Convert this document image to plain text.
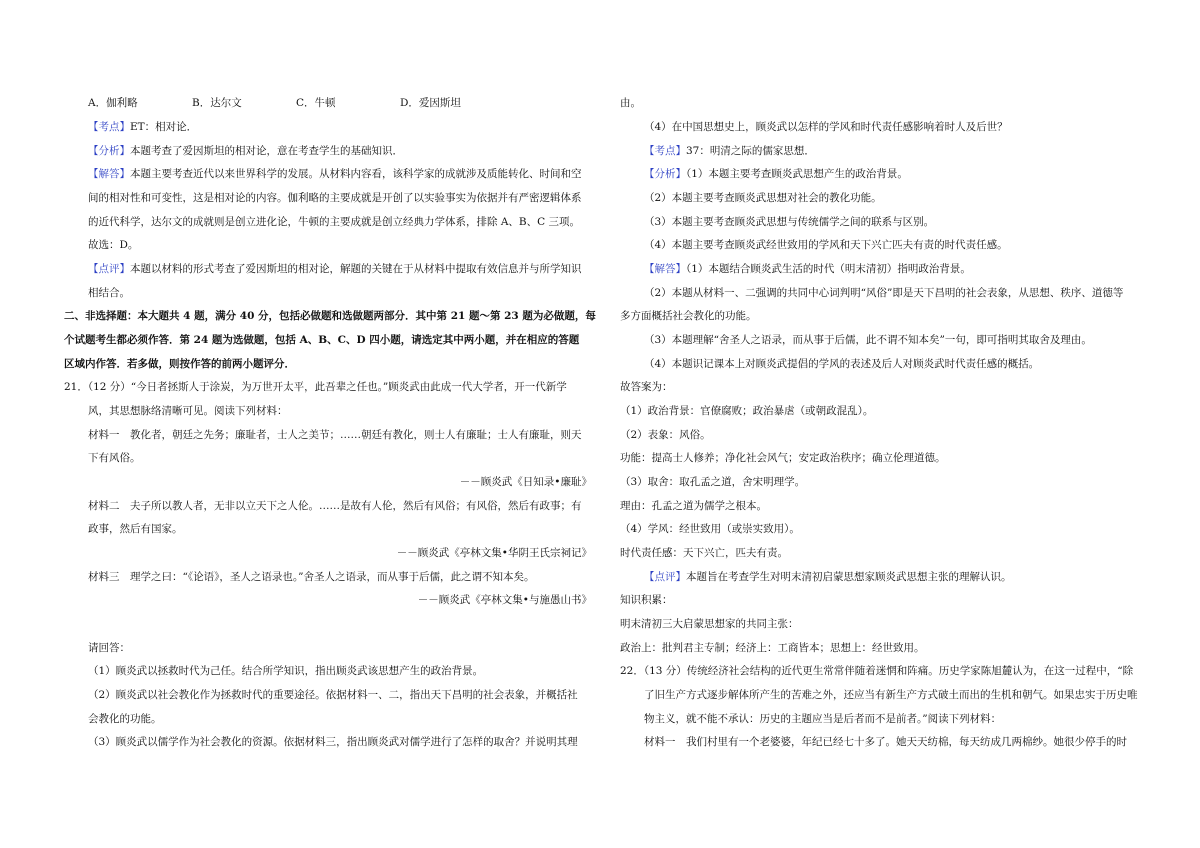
A．伽利略	B．达尔文	C．牛顿	D．爱因斯坦
【考点】ET：相对论．
【分析】本题考查了爱因斯坦的相对论，意在考查学生的基础知识．
【解答】本题主要考查近代以来世界科学的发展。从材料内容看，该科学家的成就涉及质能转化、时间和空
间的相对性和可变性，这是相对论的内容。伽利略的主要成就是开创了以实验事实为依据并有严密逻辑体系
的近代科学，达尔文的成就则是创立进化论，牛顿的主要成就是创立经典力学体系，排除 A、B、C 三项。
故选：D。
【点评】本题以材料的形式考查了爱因斯坦的相对论，解题的关键在于从材料中提取有效信息并与所学知识
相结合。
二、非选择题：本大题共 4 题，满分 40 分，包括必做题和选做题两部分．其中第 21 题～第 23 题为必做题，每
个试题考生都必须作答．第 24 题为选做题，包括 A、B、C、D 四小题，请选定其中两小题，并在相应的答题
区域内作答．若多做，则按作答的前两小题评分．
21．（12 分）“今日者拯斯人于涂炭，为万世开太平，此吾辈之任也。”顾炎武由此成一代大学者，开一代新学
风，其思想脉络清晰可见。阅读下列材料：
材料一　教化者，朝廷之先务；廉耻者，士人之美节；……朝廷有教化，则士人有廉耻；士人有廉耻，则天
下有风俗。
－－顾炎武《日知录•廉耻》
材料二　夫子所以教人者，无非以立天下之人伦。……是故有人伦，然后有风俗；有风俗，然后有政事；有
政事，然后有国家。
－－顾炎武《亭林文集•华阴王氏宗祠记》
材料三　理学之曰：“《论语》，圣人之语录也。”舍圣人之语录，而从事于后儒，此之谓不知本矣。
－－顾炎武《亭林文集•与施愚山书》
请回答：
（1）顾炎武以拯救时代为己任。结合所学知识，指出顾炎武该思想产生的政治背景。
（2）顾炎武以社会教化作为拯救时代的重要途径。依据材料一、二，指出天下昌明的社会表象，并概括社
会教化的功能。
（3）顾炎武以儒学作为社会教化的资源。依据材料三，指出顾炎武对儒学进行了怎样的取舍？并说明其理
由。
（4）在中国思想史上，顾炎武以怎样的学风和时代责任感影响着时人及后世？
【考点】37：明清之际的儒家思想．
【分析】（1）本题主要考查顾炎武思想产生的政治背景。
（2）本题主要考查顾炎武思想对社会的教化功能。
（3）本题主要考查顾炎武思想与传统儒学之间的联系与区别。
（4）本题主要考查顾炎武经世致用的学风和天下兴亡匹夫有责的时代责任感。
【解答】（1）本题结合顾炎武生活的时代（明末清初）指明政治背景。
（2）本题从材料一、二强调的共同中心词判明“风俗”即是天下昌明的社会表象，从思想、秩序、道德等
多方面概括社会教化的功能。
（3）本题理解“舍圣人之语录，而从事于后儒，此不谓不知本矣”一句，即可指明其取舍及理由。
（4）本题识记课本上对顾炎武提倡的学风的表述及后人对顾炎武时代责任感的概括。
故答案为：
（1）政治背景：官僚腐败；政治暴虐（或朝政混乱）。
（2）表象：风俗。
功能：提高士人修养；净化社会风气；安定政治秩序；确立伦理道德。
（3）取舍：取孔孟之道，舍宋明理学。
理由：孔孟之道为儒学之根本。
（4）学风：经世致用（或崇实致用）。
时代责任感：天下兴亡，匹夫有责。
【点评】本题旨在考查学生对明末清初启蒙思想家顾炎武思想主张的理解认识。
知识积累：
明末清初三大启蒙思想家的共同主张：
政治上：批判君主专制；经济上：工商皆本；思想上：经世致用。
22．（13 分）传统经济社会结构的近代更生常常伴随着迷惘和阵痛。历史学家陈旭麓认为，在这一过程中，“除
了旧生产方式逐步解体所产生的苦难之外，还应当有新生产方式破土而出的生机和朝气。如果忠实于历史唯
物主义，就不能不承认：历史的主题应当是后者而不是前者。”阅读下列材料：
材料一　我们村里有一个老婆婆，年纪已经七十多了。她天天纺棉，每天纺成几两棉纱。她很少停手的时
